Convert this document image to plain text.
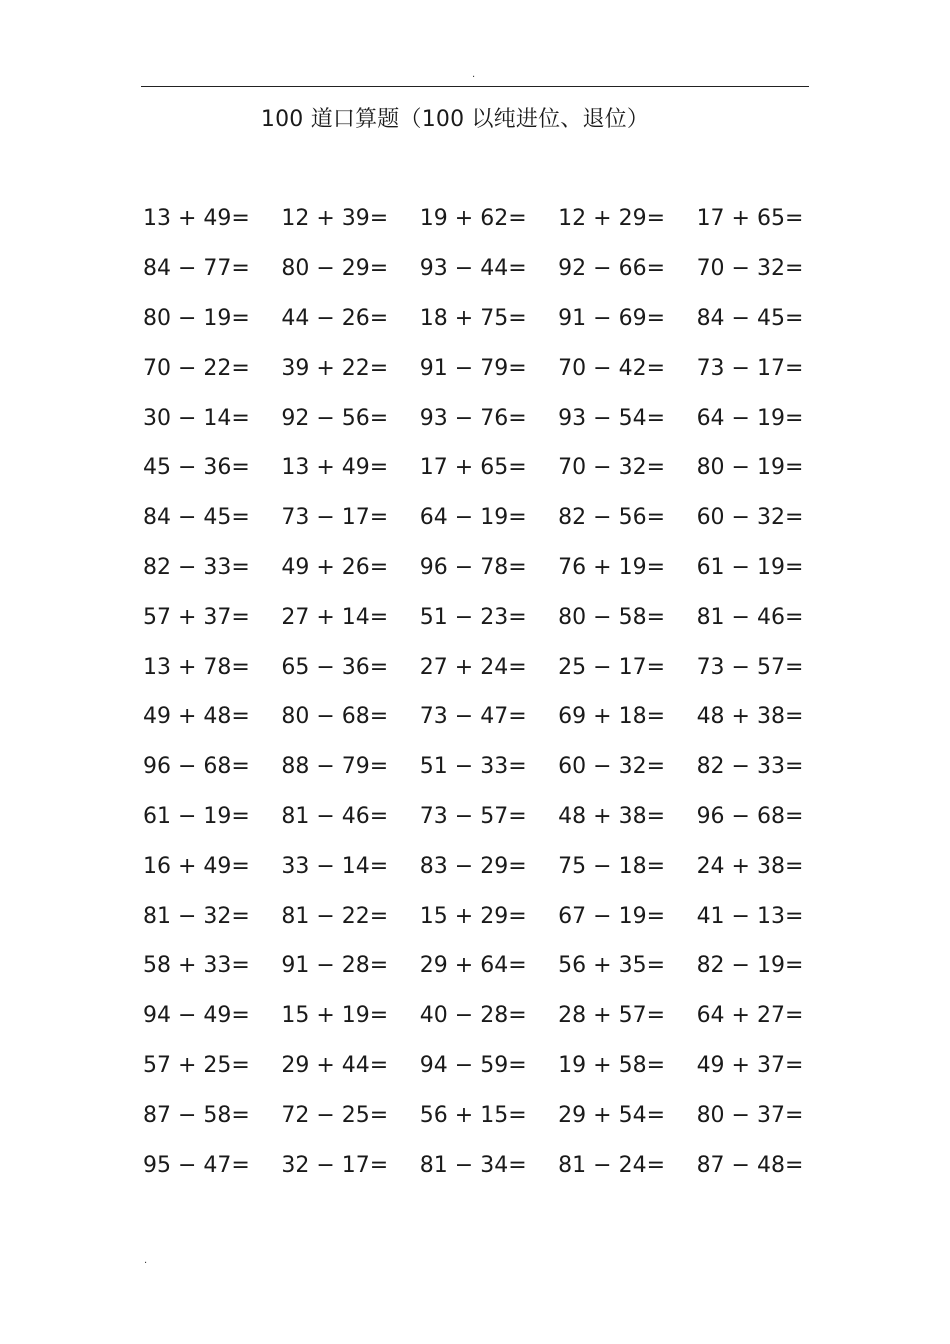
.
100 道口算题（100 以纯进位、退位）
13 + 49=	12 + 39=	19 + 62=	12 + 29=	17 + 65=
84 − 77=	80 − 29=	93 − 44=	92 − 66=	70 − 32=
80 − 19=	44 − 26=	18 + 75=	91 − 69=	84 − 45=
70 − 22=	39 + 22=	91 − 79=	70 − 42=	73 − 17=
30 − 14=	92 − 56=	93 − 76=	93 − 54=	64 − 19=
45 − 36=	13 + 49=	17 + 65=	70 − 32=	80 − 19=
84 − 45=	73 − 17=	64 − 19=	82 − 56=	60 − 32=
82 − 33=	49 + 26=	96 − 78=	76 + 19=	61 − 19=
57 + 37=	27 + 14=	51 − 23=	80 − 58=	81 − 46=
13 + 78=	65 − 36=	27 + 24=	25 − 17=	73 − 57=
49 + 48=	80 − 68=	73 − 47=	69 + 18=	48 + 38=
96 − 68=	88 − 79=	51 − 33=	60 − 32=	82 − 33=
61 − 19=	81 − 46=	73 − 57=	48 + 38=	96 − 68=
16 + 49=	33 − 14=	83 − 29=	75 − 18=	24 + 38=
81 − 32=	81 − 22=	15 + 29=	67 − 19=	41 − 13=
58 + 33=	91 − 28=	29 + 64=	56 + 35=	82 − 19=
94 − 49=	15 + 19=	40 − 28=	28 + 57=	64 + 27=
57 + 25=	29 + 44=	94 − 59=	19 + 58=	49 + 37=
87 − 58=	72 − 25=	56 + 15=	29 + 54=	80 − 37=
95 − 47=	32 − 17=	81 − 34=	81 − 24=	87 − 48=
.
